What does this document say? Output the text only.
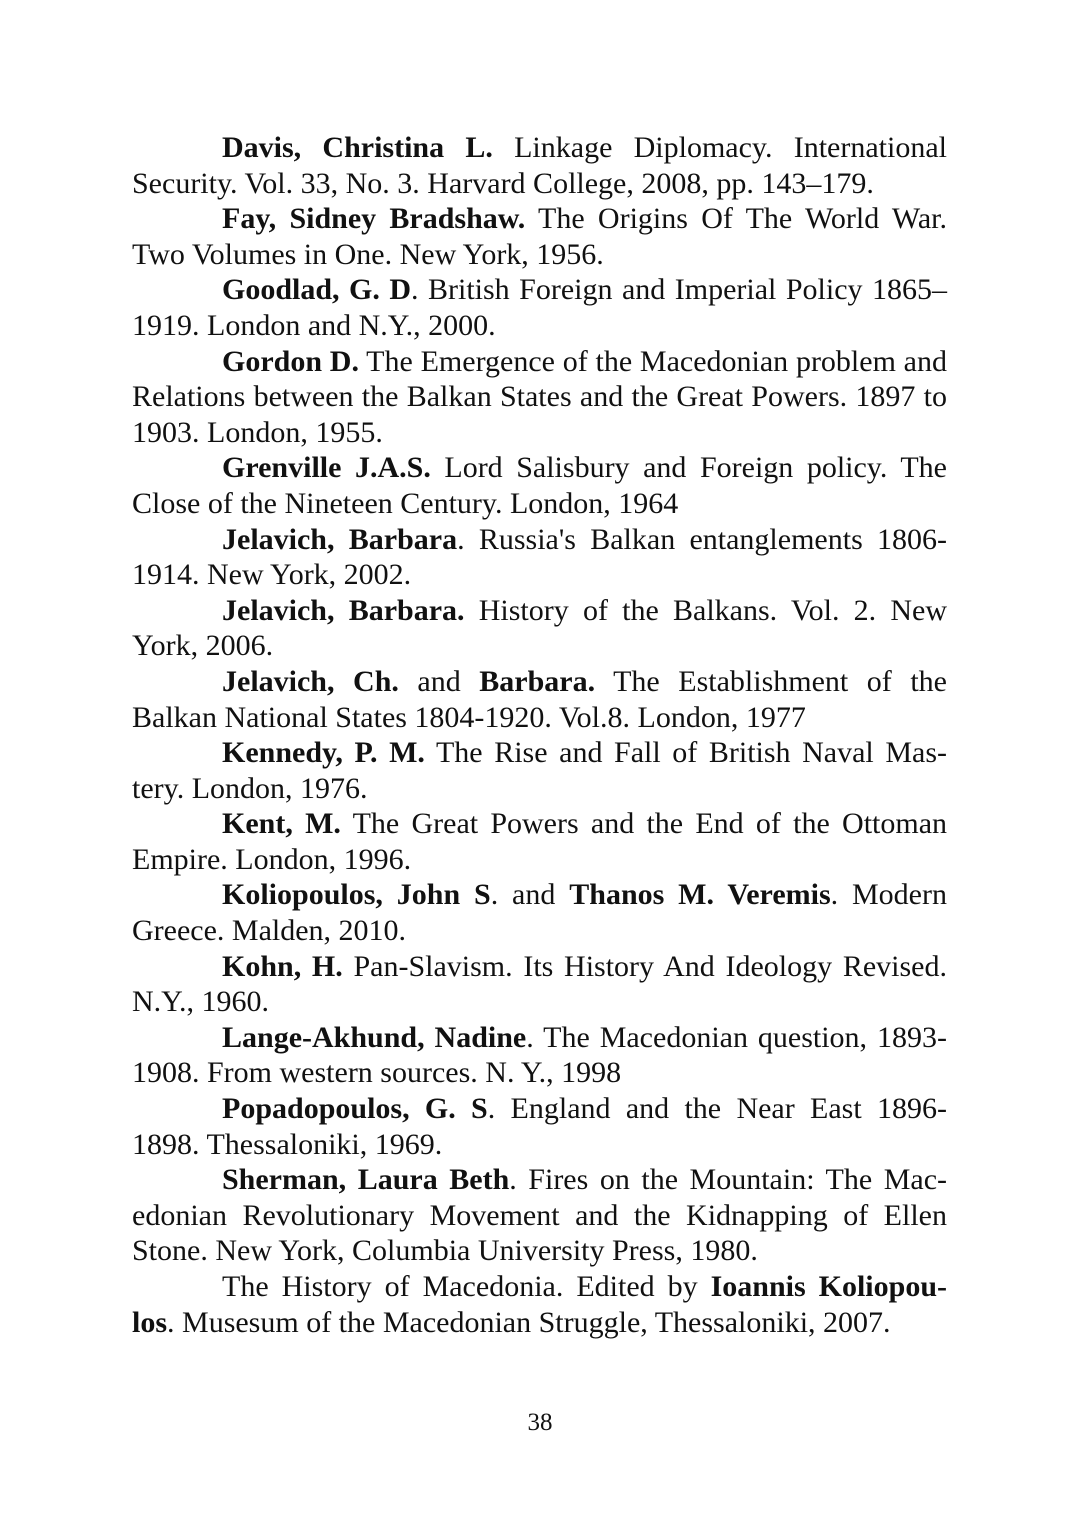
Davis, Christina L. Linkage Diplomacy. International Security. Vol. 33, No. 3. Harvard College, 2008, pp. 143–179.

Fay, Sidney Bradshaw. The Origins Of The World War. Two Volumes in One. New York, 1956.

Goodlad, G. D. British Foreign and Imperial Policy 1865–1919. London and N.Y., 2000.

Gordon D. The Emergence of the Macedonian problem and Relations between the Balkan States and the Great Powers. 1897 to 1903. London, 1955.

Grenville J.A.S. Lord Salisbury and Foreign policy. The Close of the Nineteen Century. London, 1964

Jelavich, Barbara. Russia's Balkan entanglements 1806-1914. New York, 2002.

Jelavich, Barbara. History of the Balkans. Vol. 2. New York, 2006.

Jelavich, Ch. and Barbara. The Establishment of the Balkan National States 1804-1920. Vol.8. London, 1977

Kennedy, P. M. The Rise and Fall of British Naval Mas-tery. London, 1976.

Kent, M. The Great Powers and the End of the Ottoman Empire. London, 1996.

Koliopoulos, John S. and Thanos M. Veremis. Modern Greece. Malden, 2010.

Kohn, H. Pan-Slavism. Its History And Ideology Revised. N.Y., 1960.

Lange-Akhund, Nadine. The Macedonian question, 1893-1908. From western sources. N. Y., 1998

Popadopoulos, G. S. England and the Near East 1896-1898. Thessaloniki, 1969.

Sherman, Laura Beth. Fires on the Mountain: The Mac-edonian Revolutionary Movement and the Kidnapping of Ellen Stone. New York, Columbia University Press, 1980.

The History of Macedonia. Edited by Ioannis Koliopou-los. Musesum of the Macedonian Struggle, Thessaloniki, 2007.

38
